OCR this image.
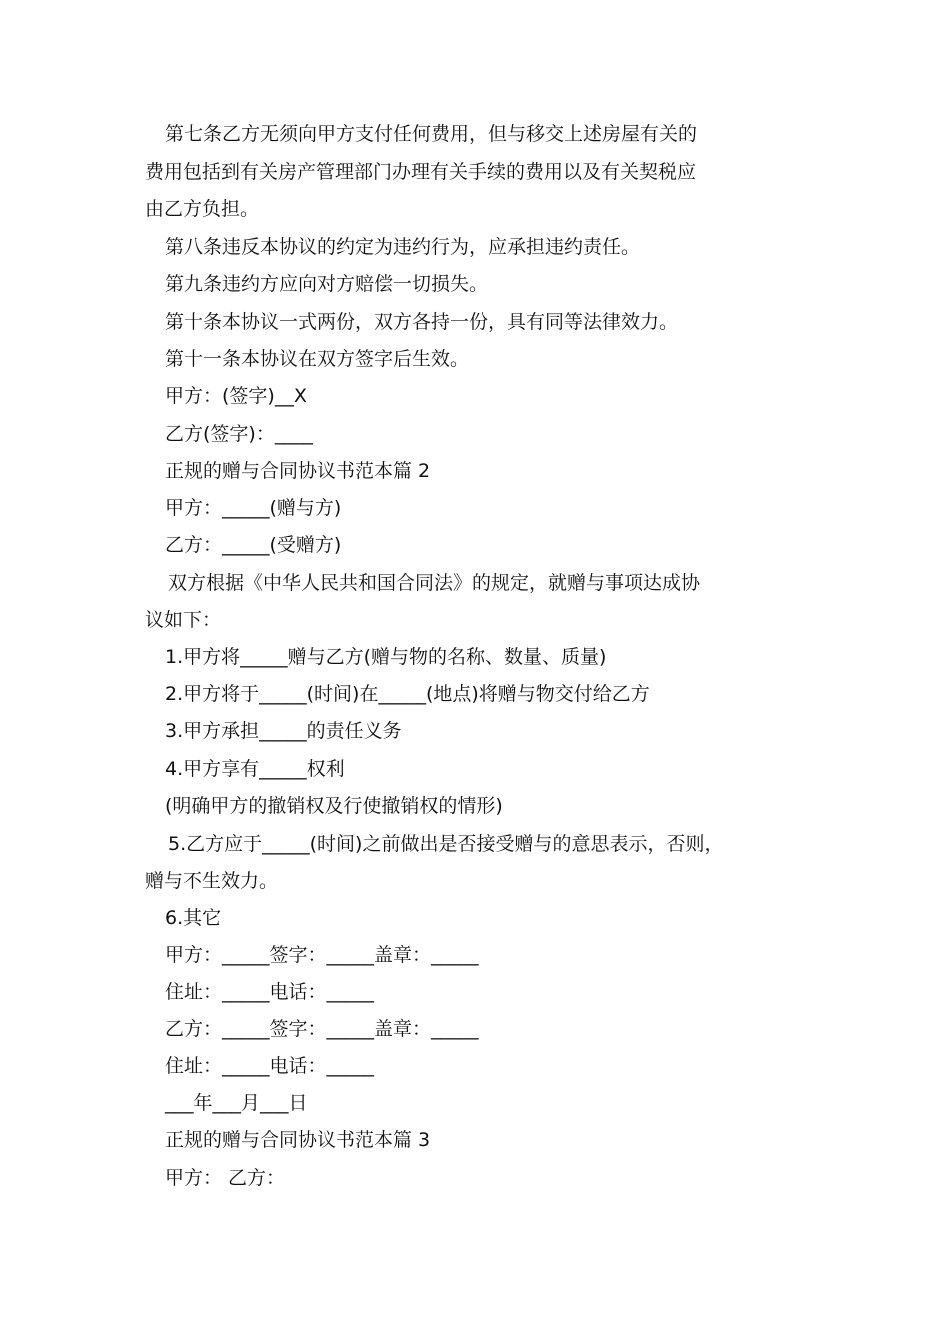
第七条乙方无须向甲方支付任何费用，但与移交上述房屋有关的
费用包括到有关房产管理部门办理有关手续的费用以及有关契税应
由乙方负担。
第八条违反本协议的约定为违约行为，应承担违约责任。
第九条违约方应向对方赔偿一切损失。
第十条本协议一式两份，双方各持一份，具有同等法律效力。
第十一条本协议在双方签字后生效。
甲方：(签字)__X
乙方(签字)：____
正规的赠与合同协议书范本篇 2
甲方：_____(赠与方)
乙方：_____(受赠方)
双方根据《中华人民共和国合同法》的规定，就赠与事项达成协
议如下：
1.甲方将_____赠与乙方(赠与物的名称、数量、质量)
2.甲方将于_____(时间)在_____(地点)将赠与物交付给乙方
3.甲方承担_____的责任义务
4.甲方享有_____权利
(明确甲方的撤销权及行使撤销权的情形)
5.乙方应于_____(时间)之前做出是否接受赠与的意思表示，否则，
赠与不生效力。
6.其它
甲方：_____签字：_____盖章：_____
住址：_____电话：_____
乙方：_____签字：_____盖章：_____
住址：_____电话：_____
___年___月___日
正规的赠与合同协议书范本篇 3
甲方： 乙方：
